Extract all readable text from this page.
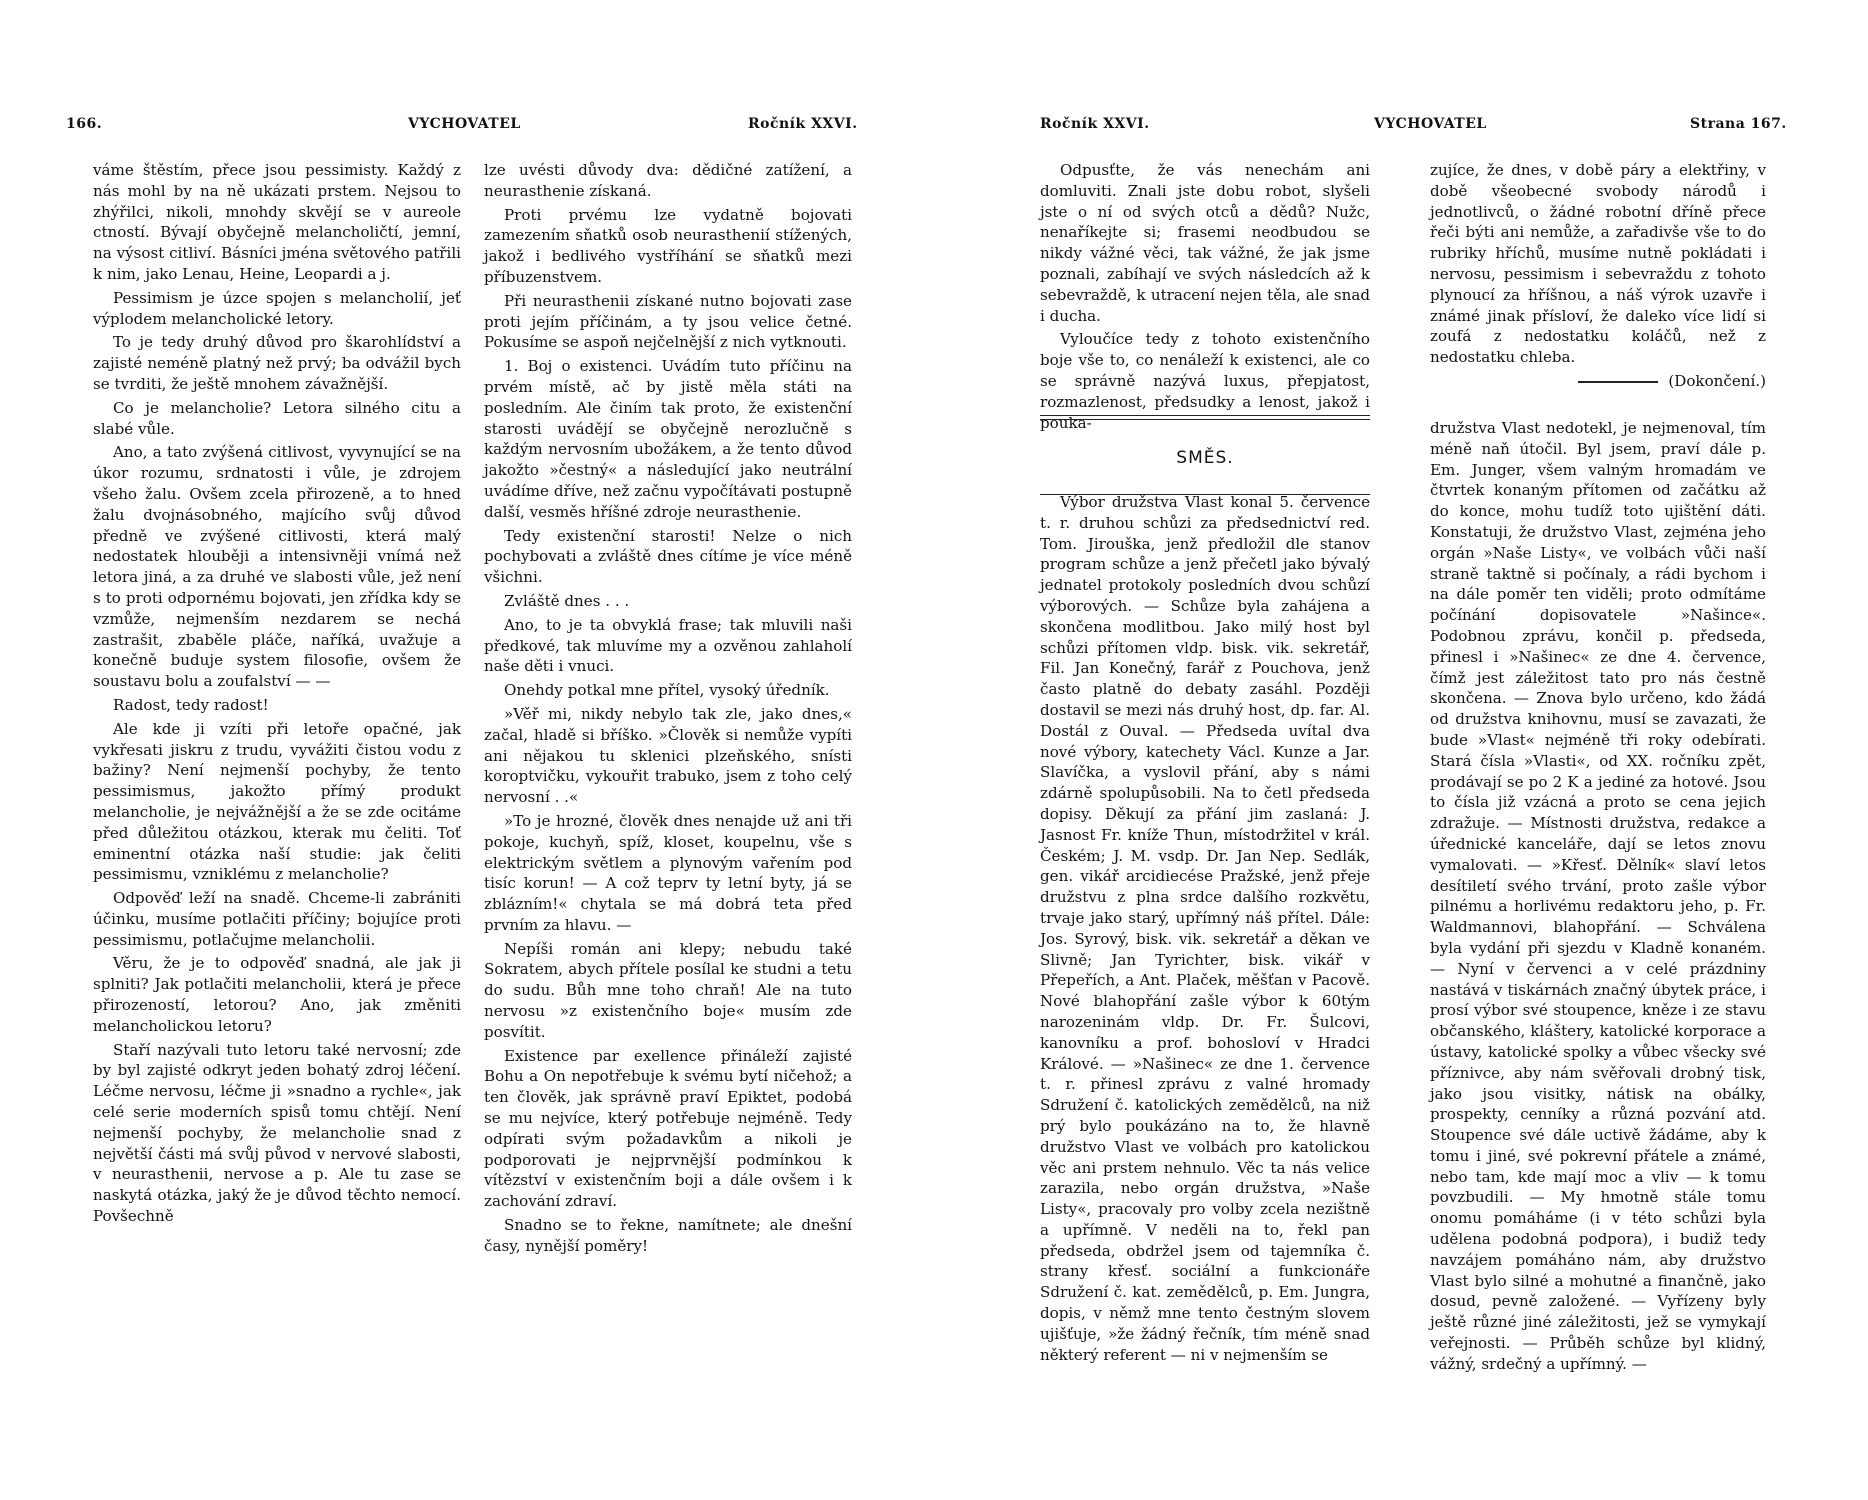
166.	VYCHOVATEL	Ročník XXVI.

váme štěstím, přece jsou pessimisty. Každý z nás mohl by na ně ukázati prstem. Nejsou to zhýřilci, nikoli, mnohdy skvějí se v aureole ctností. Bývají obyčejně melancholičtí, jemní, na výsost citliví. Básníci jména světového patřili k nim, jako Lenau, Heine, Leopardi a j.

Pessimism je úzce spojen s melancholií, jeť výplodem melancholické letory.

To je tedy druhý důvod pro škarohlídství a zajisté neméně platný než prvý; ba odvážil bych se tvrditi, že ještě mnohem závažnější.

Co je melancholie? Letora silného citu a slabé vůle.

Ano, a tato zvýšená citlivost, vyvynující se na úkor rozumu, srdnatosti i vůle, je zdrojem všeho žalu. Ovšem zcela přirozeně, a to hned žalu dvojnásobného, majícího svůj důvod předně ve zvýšené citlivosti, která malý nedostatek hlouběji a intensivněji vnímá než letora jiná, a za druhé ve slabosti vůle, jež není s to proti odpornému bojovati, jen zřídka kdy se vzmůže, nejmenším nezdarem se nechá zastrašit, zbaběle pláče, naříká, uvažuje a konečně buduje system filosofie, ovšem že soustavu bolu a zoufalství — —

Radost, tedy radost!

Ale kde ji vzíti při letoře opačné, jak vykřesati jiskru z trudu, vyvážiti čistou vodu z bažiny? Není nejmenší pochyby, že tento pessimismus, jakožto přímý produkt melancholie, je nejvážnější a že se zde ocitáme před důležitou otázkou, kterak mu čeliti. Toť eminentní otázka naší studie: jak čeliti pessimismu, vzniklému z melancholie?

Odpověď leží na snadě. Chceme-li zabrániti účinku, musíme potlačiti příčiny; bojujíce proti pessimismu, potlačujme melancholii.

Věru, že je to odpověď snadná, ale jak ji splniti? Jak potlačiti melancholii, která je přece přirozeností, letorou? Ano, jak změniti melancholickou letoru?

Staří nazývali tuto letoru také nervosní; zde by byl zajisté odkryt jeden bohatý zdroj léčení. Léčme nervosu, léčme ji »snadno a rychle«, jak celé serie moderních spisů tomu chtějí. Není nejmenší pochyby, že melancholie snad z největší části má svůj původ v nervové slabosti, v neurasthenii, nervose a p. Ale tu zase se naskytá otázka, jaký že je důvod těchto nemocí. Povšechně

lze uvésti důvody dva: dědičné zatížení, a neurasthenie získaná.

Proti prvému lze vydatně bojovati zamezením sňatků osob neurasthenií stížených, jakož i bedlivého vystříhání se sňatků mezi příbuzenstvem.

Při neurasthenii získané nutno bojovati zase proti jejím příčinám, a ty jsou velice četné. Pokusíme se aspoň nejčelnější z nich vytknouti.

1. Boj o existenci. Uvádím tuto příčinu na prvém místě, ač by jistě měla státi na posledním. Ale činím tak proto, že existenční starosti uvádějí se obyčejně nerozlučně s každým nervosním ubožákem, a že tento důvod jakožto »čestný« a následující jako neutrální uvádíme dříve, než začnu vypočítávati postupně další, vesměs hříšné zdroje neurasthenie.

Tedy existenční starosti! Nelze o nich pochybovati a zvláště dnes cítíme je více méně všichni.

Zvláště dnes . . .

Ano, to je ta obvyklá frase; tak mluvili naši předkové, tak mluvíme my a ozvěnou zahlaholí naše děti i vnuci.

Onehdy potkal mne přítel, vysoký úředník.

»Věř mi, nikdy nebylo tak zle, jako dnes,« začal, hladě si bříško. »Člověk si nemůže vypíti ani nějakou tu sklenici plzeňského, snísti koroptvičku, vykouřit trabuko, jsem z toho celý nervosní . .«

»To je hrozné, člověk dnes nenajde už ani tři pokoje, kuchyň, spíž, kloset, koupelnu, vše s elektrickým světlem a plynovým vařením pod tisíc korun! — A což teprv ty letní byty, já se zblázním!« chytala se má dobrá teta před prvním za hlavu. —

Nepíši román ani klepy; nebudu také Sokratem, abych přítele posílal ke studni a tetu do sudu. Bůh mne toho chraň! Ale na tuto nervosu »z existenčního boje« musím zde posvítit.

Existence par exellence přináleží zajisté Bohu a On nepotřebuje k svému bytí ničehož; a ten člověk, jak správně praví Epiktet, podobá se mu nejvíce, který potřebuje nejméně. Tedy odpírati svým požadavkům a nikoli je podporovati je nejprvnější podmínkou k vítězství v existenčním boji a dále ovšem i k zachování zdraví.

Snadno se to řekne, namítnete; ale dnešní časy, nynější poměry!

Ročník XXVI.	VYCHOVATEL	Strana 167.

Odpusťte, že vás nenechám ani domluviti. Znali jste dobu robot, slyšeli jste o ní od svých otců a dědů? Nužc, nenaříkejte si; frasemi neodbudou se nikdy vážné věci, tak vážné, že jak jsme poznali, zabíhají ve svých následcích až k sebevraždě, k utracení nejen těla, ale snad i ducha.

Vyloučíce tedy z tohoto existenčního boje vše to, co nenáleží k existenci, ale co se správně nazývá luxus, přepjatost, rozmazlenost, předsudky a lenost, jakož i pouka-

SMĚS.

Výbor družstva Vlast konal 5. července t. r. druhou schůzi za předsednictví red. Tom. Jirouška, jenž předložil dle stanov program schůze a jenž přečetl jako bývalý jednatel protokoly posledních dvou schůzí výborových. — Schůze byla zahájena a skončena modlitbou. Jako milý host byl schůzi přítomen vldp. bisk. vik. sekretář, Fil. Jan Konečný, farář z Pouchova, jenž často platně do debaty zasáhl. Později dostavil se mezi nás druhý host, dp. far. Al. Dostál z Ouval. — Předseda uvítal dva nové výbory, katechety Václ. Kunze a Jar. Slavíčka, a vyslovil přání, aby s námi zdárně spolupůsobili. Na to četl předseda dopisy. Děkují za přání jim zaslaná: J. Jasnost Fr. kníže Thun, místodržitel v král. Českém; J. M. vsdp. Dr. Jan Nep. Sedlák, gen. vikář arcidiecése Pražské, jenž přeje družstvu z plna srdce dalšího rozkvětu, trvaje jako starý, upřímný náš přítel. Dále: Jos. Syrový, bisk. vik. sekretář a děkan ve Slivně; Jan Tyrichter, bisk. vikář v Přepeřích, a Ant. Plaček, měšťan v Pacově. Nové blahopřání zašle výbor k 60tým narozeninám vldp. Dr. Fr. Šulcovi, kanovníku a prof. bohosloví v Hradci Králové. — »Našinec« ze dne 1. července t. r. přinesl zprávu z valné hromady Sdružení č. katolických zemědělců, na niž prý bylo poukázáno na to, že hlavně družstvo Vlast ve volbách pro katolickou věc ani prstem nehnulo. Věc ta nás velice zarazila, nebo orgán družstva, »Naše Listy«, pracovaly pro volby zcela nezištně a upřímně. V neděli na to, řekl pan předseda, obdržel jsem od tajemníka č. strany křesť. sociální a funkcionáře Sdružení č. kat. zemědělců, p. Em. Jungra, dopis, v němž mne tento čestným slovem ujišťuje, »že žádný řečník, tím méně snad některý referent — ni v nejmenším se

zujíce, že dnes, v době páry a elektřiny, v době všeobecné svobody národů i jednotlivců, o žádné robotní dříně přece řeči býti ani nemůže, a zařadivše vše to do rubriky hříchů, musíme nutně pokládati i nervosu, pessimism i sebevraždu z tohoto plynoucí za hříšnou, a náš výrok uzavře i známé jinak přísloví, že daleko více lidí si zoufá z nedostatku koláčů, než z nedostatku chleba.

(Dokončení.)

družstva Vlast nedotekl, je nejmenoval, tím méně naň útočil. Byl jsem, praví dále p. Em. Junger, všem valným hromadám ve čtvrtek konaným přítomen od začátku až do konce, mohu tudíž toto ujištění dáti. Konstatuji, že družstvo Vlast, zejména jeho orgán »Naše Listy«, ve volbách vůči naší straně taktně si počínaly, a rádi bychom i na dále poměr ten viděli; proto odmítáme počínání dopisovatele »Našince«. Podobnou zprávu, končil p. předseda, přinesl i »Našinec« ze dne 4. července, čímž jest záležitost tato pro nás čestně skončena. — Znova bylo určeno, kdo žádá od družstva knihovnu, musí se zavazati, že bude »Vlast« nejméně tři roky odebírati. Stará čísla »Vlasti«, od XX. ročníku zpět, prodávají se po 2 K a jediné za hotové. Jsou to čísla již vzácná a proto se cena jejich zdražuje. — Místnosti družstva, redakce a úřednické kanceláře, dají se letos znovu vymalovati. — »Křesť. Dělník« slaví letos desítiletí svého trvání, proto zašle výbor pilnému a horlivému redaktoru jeho, p. Fr. Waldmannovi, blahopřání. — Schválena byla vydání při sjezdu v Kladně konaném. — Nyní v červenci a v celé prázdniny nastává v tiskárnách značný úbytek práce, i prosí výbor své stoupence, kněze i ze stavu občanského, kláštery, katolické korporace a ústavy, katolické spolky a vůbec všecky své příznivce, aby nám svěřovali drobný tisk, jako jsou visitky, nátisk na obálky, prospekty, cenníky a různá pozvání atd. Stoupence své dále uctivě žádáme, aby k tomu i jiné, své pokrevní přátele a známé, nebo tam, kde mají moc a vliv — k tomu povzbudili. — My hmotně stále tomu onomu pomáháme (i v této schůzi byla udělena podobná podpora), i budiž tedy navzájem pomáháno nám, aby družstvo Vlast bylo silné a mohutné a finančně, jako dosud, pevně založené. — Vyřízeny byly ještě různé jiné záležitosti, jež se vymykají veřejnosti. — Průběh schůze byl klidný, vážný, srdečný a upřímný. —
